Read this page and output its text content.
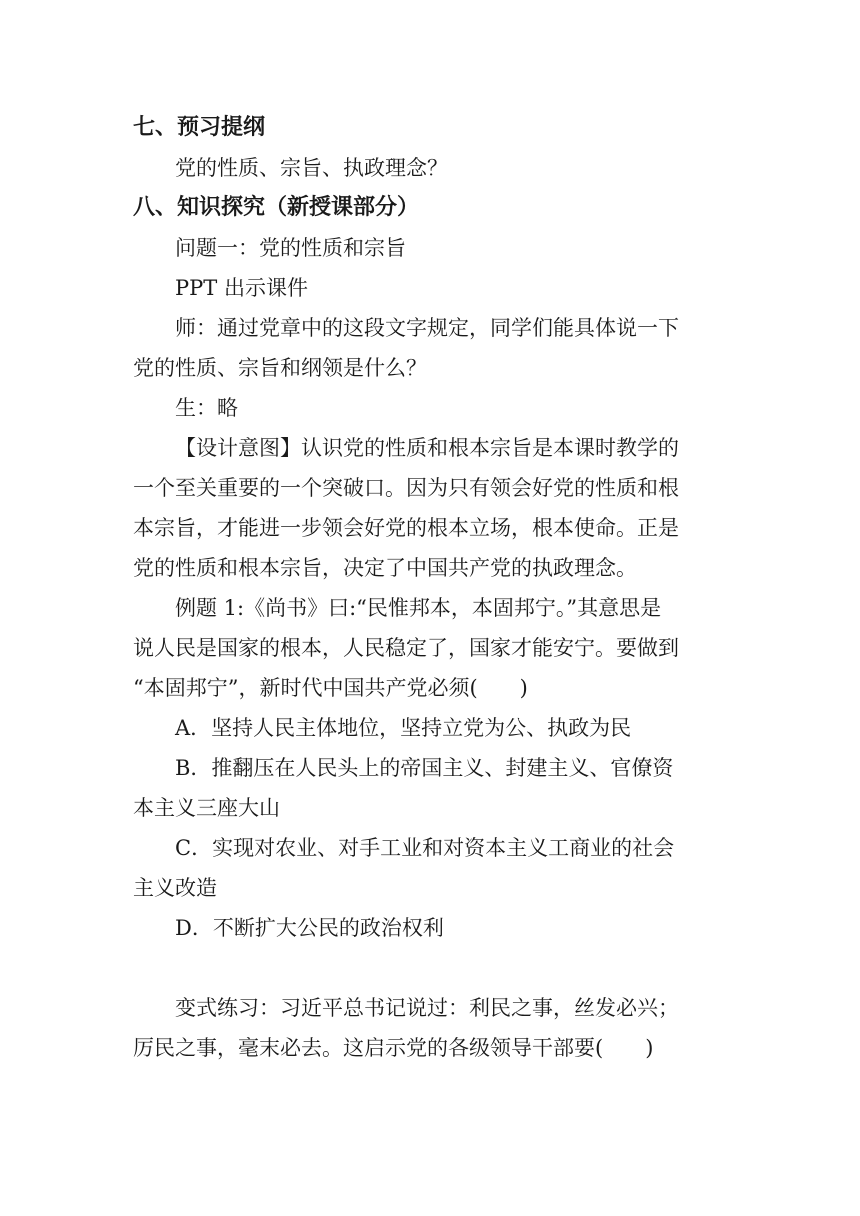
七、预习提纲
党的性质、宗旨、执政理念？
八、知识探究（新授课部分）
问题一：党的性质和宗旨
PPT 出示课件
师：通过党章中的这段文字规定，同学们能具体说一下
党的性质、宗旨和纲领是什么？
生：略
【设计意图】认识党的性质和根本宗旨是本课时教学的
一个至关重要的一个突破口。因为只有领会好党的性质和根
本宗旨，才能进一步领会好党的根本立场，根本使命。正是
党的性质和根本宗旨，决定了中国共产党的执政理念。
例题 1:《尚书》曰:“民惟邦本，本固邦宁。”其意思是
说人民是国家的根本，人民稳定了，国家才能安宁。要做到
“本固邦宁”，新时代中国共产党必须(　　)
A．坚持人民主体地位，坚持立党为公、执政为民
B．推翻压在人民头上的帝国主义、封建主义、官僚资
本主义三座大山
C．实现对农业、对手工业和对资本主义工商业的社会
主义改造
D．不断扩大公民的政治权利
变式练习：习近平总书记说过：利民之事，丝发必兴；
厉民之事，毫末必去。这启示党的各级领导干部要(　　)
